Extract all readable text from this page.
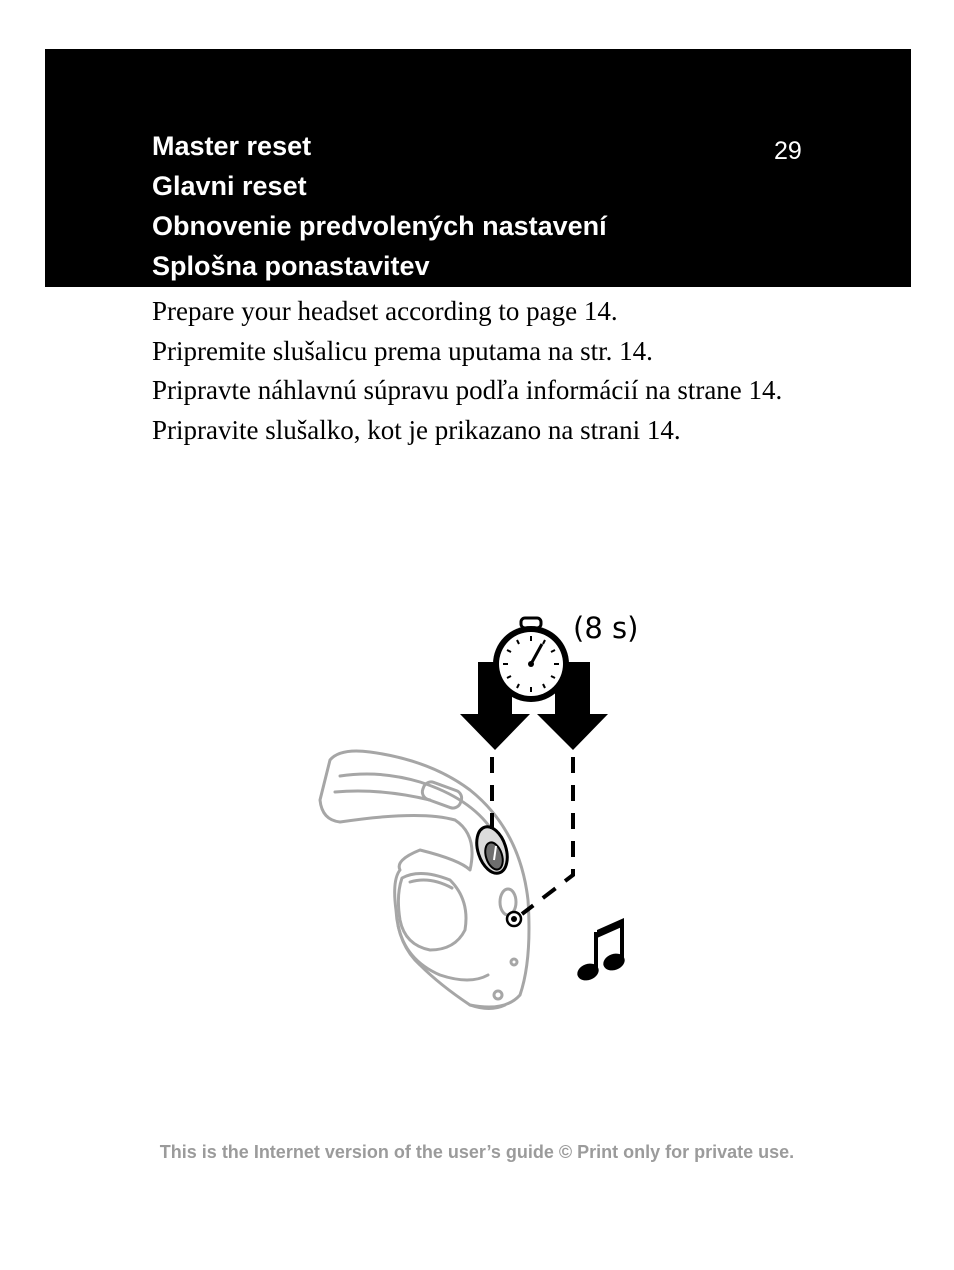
Master reset
Glavni reset
Obnovenie predvolených nastavení
Splošna ponastavitev
29
Prepare your headset according to page 14.
Pripremite slušalicu prema uputama na str. 14.
Pripravte náhlavnú súpravu podľa informácií na strane 14.
Pripravite slušalko, kot je prikazano na strani 14.
(8 s)
This is the Internet version of the user’s guide © Print only for private use.
